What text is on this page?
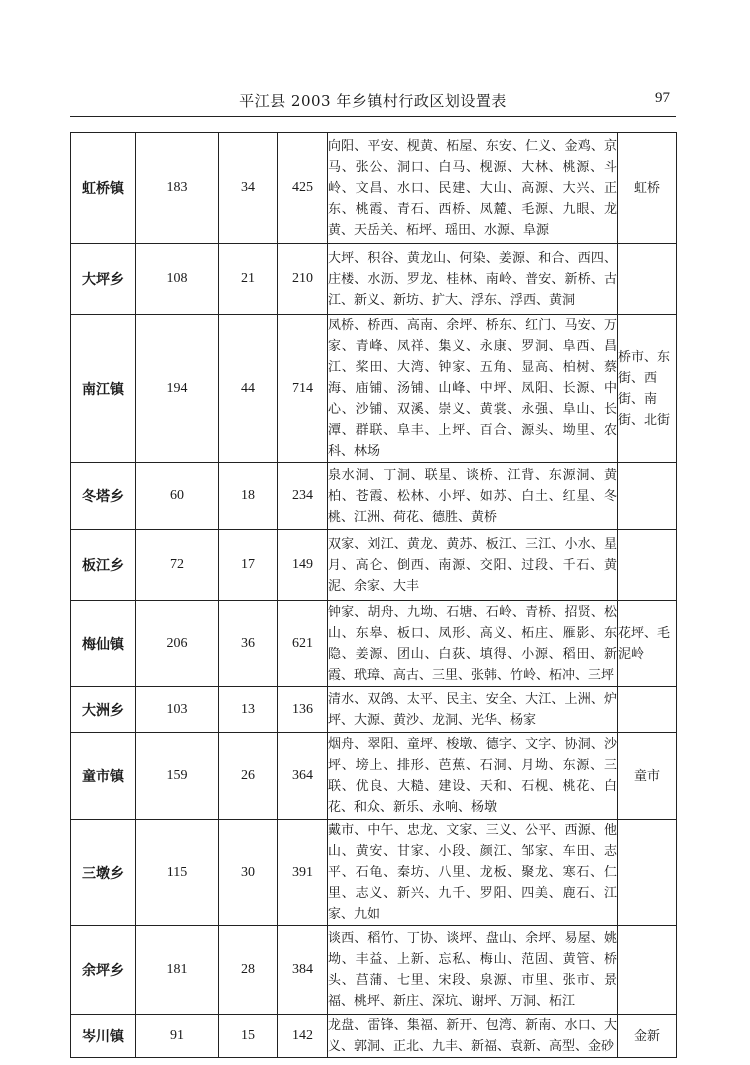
平江县 2003 年乡镇村行政区划设置表	97
虹桥镇	183	34	425	向阳、平安、枧黄、柘屋、东安、仁义、金鸡、京马、张公、洞口、白马、枧源、大林、桃源、斗岭、文昌、水口、民建、大山、高源、大兴、正东、桃霞、青石、西桥、凤麓、毛源、九眼、龙黄、天岳关、柘坪、瑶田、水源、阜源	虹桥
大坪乡	108	21	210	大坪、积谷、黄龙山、何染、姜源、和合、西四、庄楼、水沥、罗龙、桂林、南岭、普安、新桥、古江、新义、新坊、扩大、浮东、浮西、黄洞	
南江镇	194	44	714	凤桥、桥西、高南、余坪、桥东、红门、马安、万家、青峰、凤祥、集义、永康、罗洞、阜西、昌江、桨田、大湾、钟家、五角、显高、柏树、蔡海、庙铺、汤铺、山峰、中坪、凤阳、长源、中心、沙铺、双溪、崇义、黄裳、永强、阜山、长潭、群联、阜丰、上坪、百合、源头、坳里、农科、林场	桥市、东街、西街、南街、北街
冬塔乡	60	18	234	泉水洞、丁洞、联星、谈桥、江背、东源洞、黄柏、苍霞、松林、小坪、如苏、白土、红星、冬桃、江洲、荷花、德胜、黄桥	
板江乡	72	17	149	双家、刘江、黄龙、黄苏、板江、三江、小水、星月、高仑、倒西、南源、交阳、过段、千石、黄泥、余家、大丰	
梅仙镇	206	36	621	钟家、胡舟、九坳、石塘、石岭、青桥、招贤、松山、东皋、板口、凤形、高义、柘庄、雁影、东隐、姜源、团山、白荻、填得、小源、稻田、新霞、玳璋、高古、三里、张韩、竹岭、柘冲、三坪	花坪、毛泥岭
大洲乡	103	13	136	清水、双鸽、太平、民主、安全、大江、上洲、炉坪、大源、黄沙、龙洞、光华、杨家	
童市镇	159	26	364	烟舟、翠阳、童坪、梭墩、德字、文字、协洞、沙坪、塝上、排形、芭蕉、石洞、月坳、东源、三联、优良、大糙、建设、天和、石枧、桃花、白花、和众、新乐、永响、杨墩	童市
三墩乡	115	30	391	戴市、中午、忠龙、文家、三义、公平、西源、他山、黄安、甘家、小段、颜江、邹家、车田、志平、石龟、秦坊、八里、龙板、聚龙、寒石、仁里、志义、新兴、九千、罗阳、四美、鹿石、江家、九如	
余坪乡	181	28	384	谈西、稻竹、丁协、谈坪、盘山、余坪、易屋、姚坳、丰益、上新、忘私、梅山、范固、黄管、桥头、莒蒲、七里、宋段、泉源、市里、张市、景福、桃坪、新庄、深坑、谢坪、万洞、柘江	
岑川镇	91	15	142	龙盘、雷锋、集福、新开、包湾、新南、水口、大义、郭洞、正北、九丰、新福、袁新、高型、金砂	金新
